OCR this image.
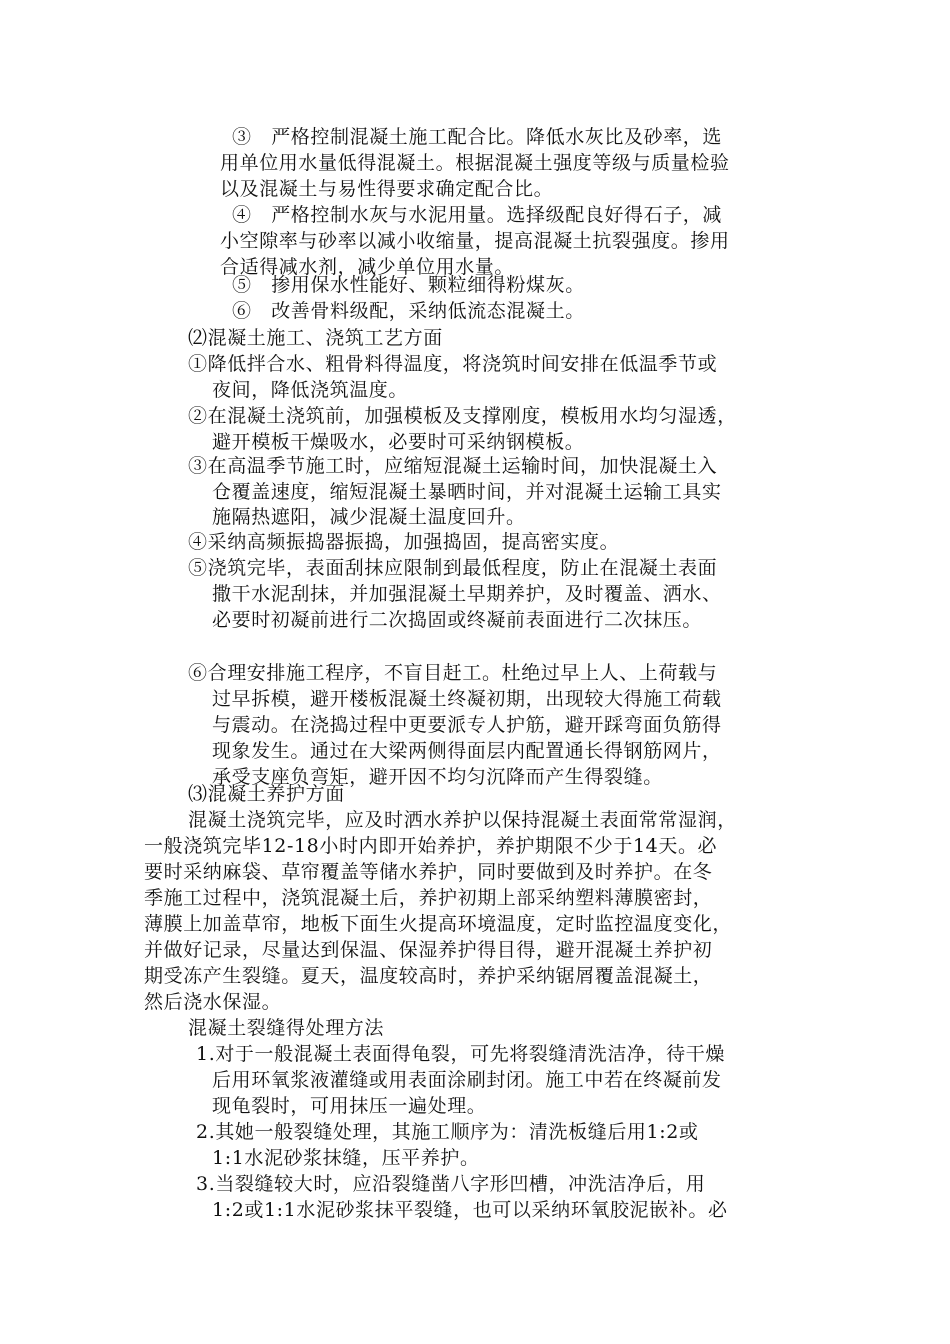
③　严格控制混凝土施工配合比。降低水灰比及砂率，选
用单位用水量低得混凝土。根据混凝土强度等级与质量检验
以及混凝土与易性得要求确定配合比。
④　严格控制水灰与水泥用量。选择级配良好得石子，减
小空隙率与砂率以减小收缩量，提高混凝土抗裂强度。掺用
合适得减水剂，减少单位用水量。
⑤　掺用保水性能好、颗粒细得粉煤灰。
⑥　改善骨料级配，采纳低流态混凝土。
⑵混凝土施工、浇筑工艺方面
①降低拌合水、粗骨料得温度，将浇筑时间安排在低温季节或
夜间，降低浇筑温度。
②在混凝土浇筑前，加强模板及支撑刚度，模板用水均匀湿透，
避开模板干燥吸水，必要时可采纳钢模板。
③在高温季节施工时，应缩短混凝土运输时间，加快混凝土入
仓覆盖速度，缩短混凝土暴晒时间，并对混凝土运输工具实
施隔热遮阳，减少混凝土温度回升。
④采纳高频振捣器振捣，加强捣固，提高密实度。
⑤浇筑完毕，表面刮抹应限制到最低程度，防止在混凝土表面
撒干水泥刮抹，并加强混凝土早期养护，及时覆盖、洒水、
必要时初凝前进行二次捣固或终凝前表面进行二次抹压。
⑥合理安排施工程序，不盲目赶工。杜绝过早上人、上荷载与
过早拆模，避开楼板混凝土终凝初期，出现较大得施工荷载
与震动。在浇捣过程中更要派专人护筋，避开踩弯面负筋得
现象发生。通过在大梁两侧得面层内配置通长得钢筋网片，
承受支座负弯矩，避开因不均匀沉降而产生得裂缝。
⑶混凝土养护方面
混凝土浇筑完毕，应及时洒水养护以保持混凝土表面常常湿润，
一般浇筑完毕12-18小时内即开始养护，养护期限不少于14天。必
要时采纳麻袋、草帘覆盖等储水养护，同时要做到及时养护。在冬
季施工过程中，浇筑混凝土后，养护初期上部采纳塑料薄膜密封，
薄膜上加盖草帘，地板下面生火提高环境温度，定时监控温度变化，
并做好记录，尽量达到保温、保湿养护得目得，避开混凝土养护初
期受冻产生裂缝。夏天，温度较高时，养护采纳锯屑覆盖混凝土，
然后浇水保湿。
混凝土裂缝得处理方法
1.对于一般混凝土表面得龟裂，可先将裂缝清洗洁净，待干燥
后用环氧浆液灌缝或用表面涂刷封闭。施工中若在终凝前发
现龟裂时，可用抹压一遍处理。
2.其她一般裂缝处理，其施工顺序为：清洗板缝后用1:2或
1:1水泥砂浆抹缝，压平养护。
3.当裂缝较大时，应沿裂缝凿八字形凹槽，冲洗洁净后，用
1:2或1:1水泥砂浆抹平裂缝，也可以采纳环氧胶泥嵌补。必
